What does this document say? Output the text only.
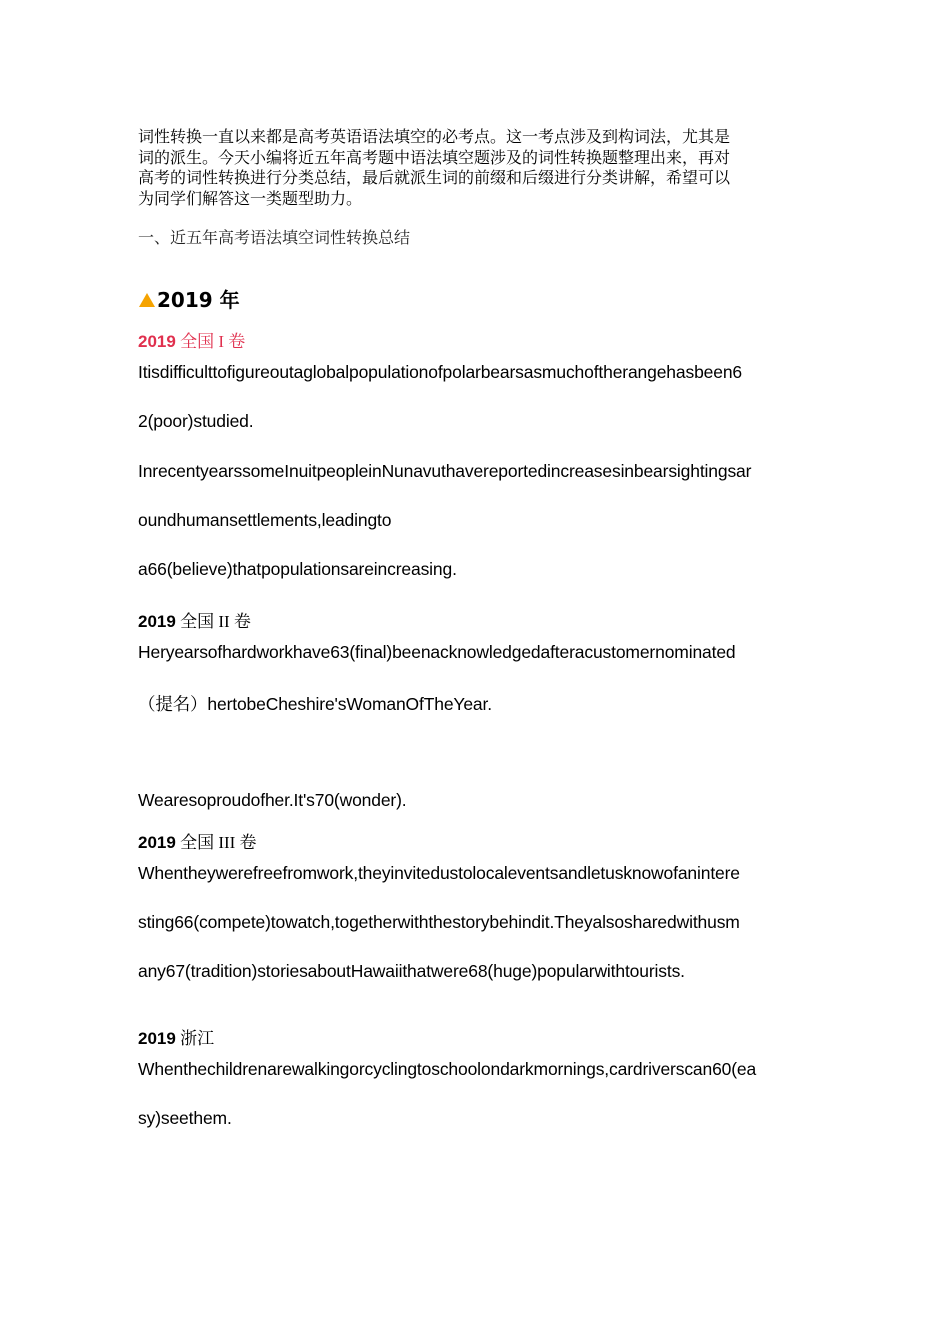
词性转换一直以来都是高考英语语法填空的必考点。这一考点涉及到构词法，尤其是
词的派生。今天小编将近五年高考题中语法填空题涉及的词性转换题整理出来，再对
高考的词性转换进行分类总结，最后就派生词的前缀和后缀进行分类讲解，希望可以
为同学们解答这一类题型助力。
一、近五年高考语法填空词性转换总结
2019 年
2019 全国 I 卷
Itisdifficulttofigureoutaglobalpopulationofpolarbearsasmuchoftherangehasbeen6
2(poor)studied.
InrecentyearssomeInuitpeopleinNunavuthavereportedincreasesinbearsightingsar
oundhumansettlements,leadingto
a66(believe)thatpopulationsareincreasing.
2019 全国 II 卷
Heryearsofhardworkhave63(final)beenacknowledgedafteracustomernominated
（提名）hertobeCheshire'sWomanOfTheYear.
Wearesoproudofher.It's70(wonder).
2019 全国 III 卷
Whentheywerefreefromwork,theyinvitedustolocaleventsandletusknowofanintere
sting66(compete)towatch,togetherwiththestorybehindit.Theyalsosharedwithusm
any67(tradition)storiesaboutHawaiithatwere68(huge)popularwithtourists.
2019 浙江
Whenthechildrenarewalkingorcyclingtoschoolondarkmornings,cardriverscan60(ea
sy)seethem.
